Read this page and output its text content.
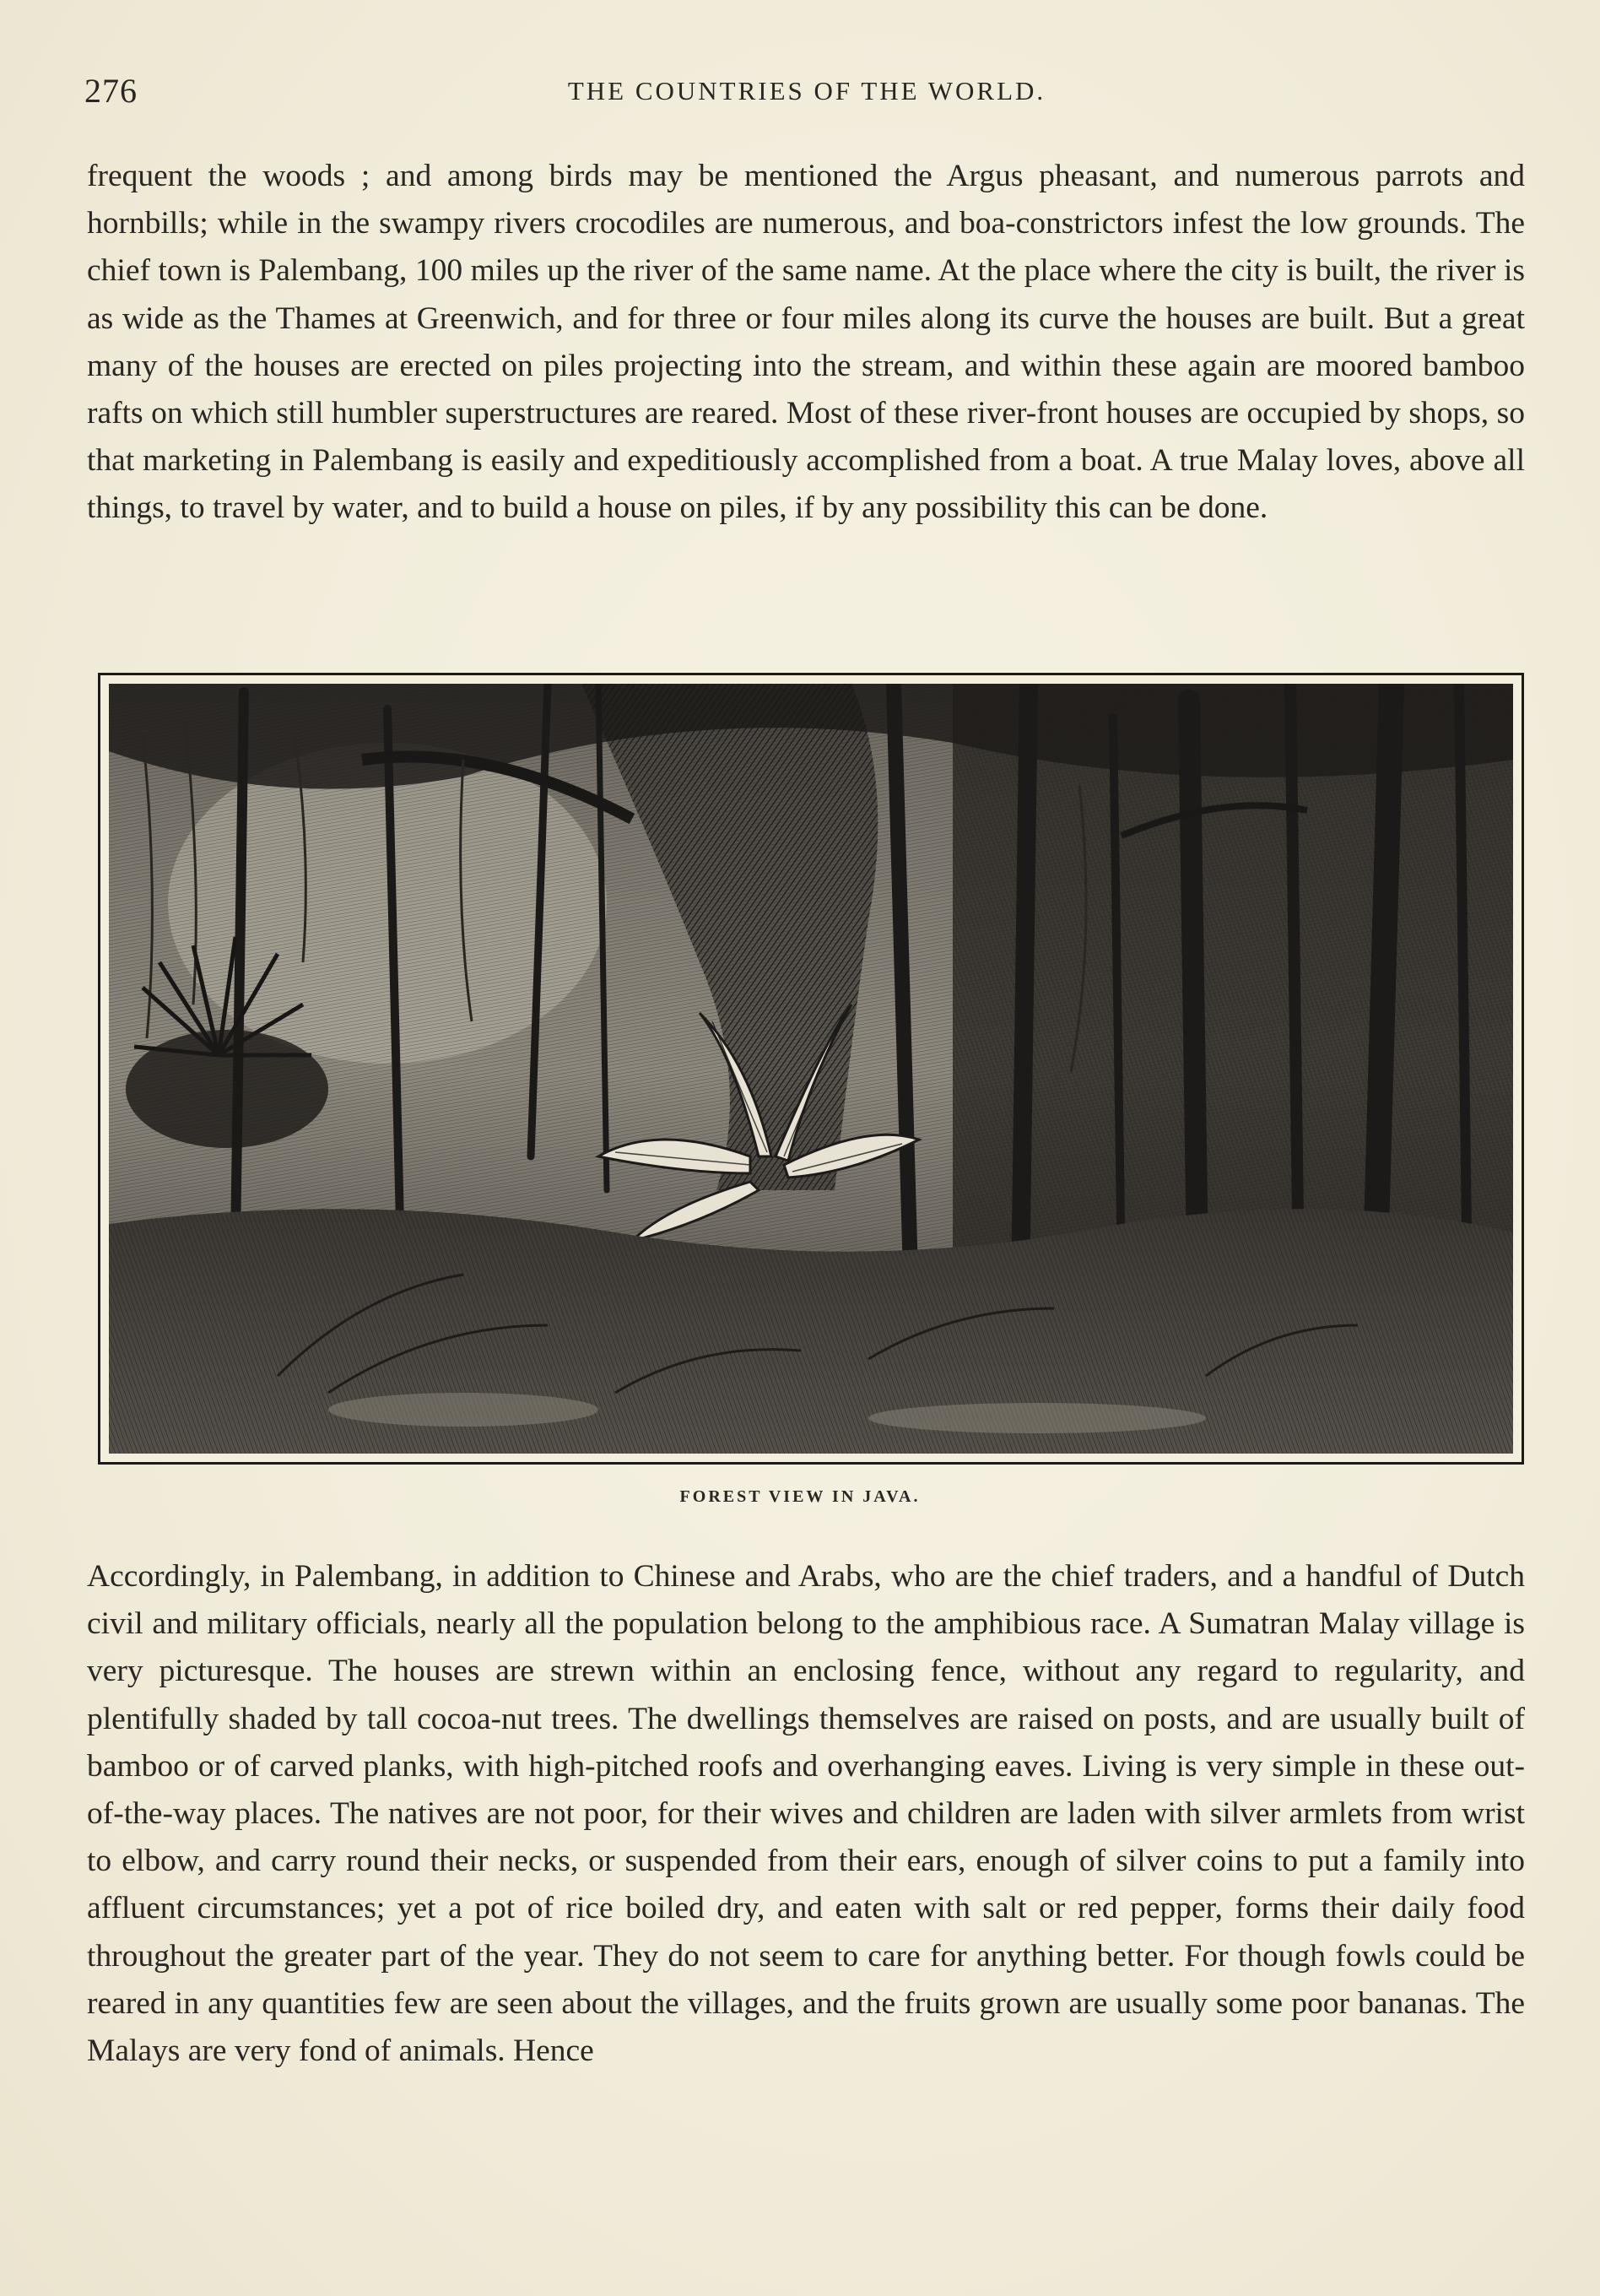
276	THE COUNTRIES OF THE WORLD.

frequent the woods ; and among birds may be mentioned the Argus pheasant, and numerous parrots and hornbills; while in the swampy rivers crocodiles are numerous, and boa-constrictors infest the low grounds. The chief town is Palembang, 100 miles up the river of the same name. At the place where the city is built, the river is as wide as the Thames at Greenwich, and for three or four miles along its curve the houses are built. But a great many of the houses are erected on piles projecting into the stream, and within these again are moored bamboo rafts on which still humbler superstructures are reared. Most of these river-front houses are occupied by shops, so that marketing in Palembang is easily and expeditiously accomplished from a boat. A true Malay loves, above all things, to travel by water, and to build a house on piles, if by any possibility this can be done.

FOREST VIEW IN JAVA.

Accordingly, in Palembang, in addition to Chinese and Arabs, who are the chief traders, and a handful of Dutch civil and military officials, nearly all the population belong to the amphibious race. A Sumatran Malay village is very picturesque. The houses are strewn within an enclosing fence, without any regard to regularity, and plentifully shaded by tall cocoa-nut trees. The dwellings themselves are raised on posts, and are usually built of bamboo or of carved planks, with high-pitched roofs and overhanging eaves. Living is very simple in these out-of-the-way places. The natives are not poor, for their wives and children are laden with silver armlets from wrist to elbow, and carry round their necks, or suspended from their ears, enough of silver coins to put a family into affluent circumstances; yet a pot of rice boiled dry, and eaten with salt or red pepper, forms their daily food throughout the greater part of the year. They do not seem to care for anything better. For though fowls could be reared in any quantities few are seen about the villages, and the fruits grown are usually some poor bananas. The Malays are very fond of animals. Hence
